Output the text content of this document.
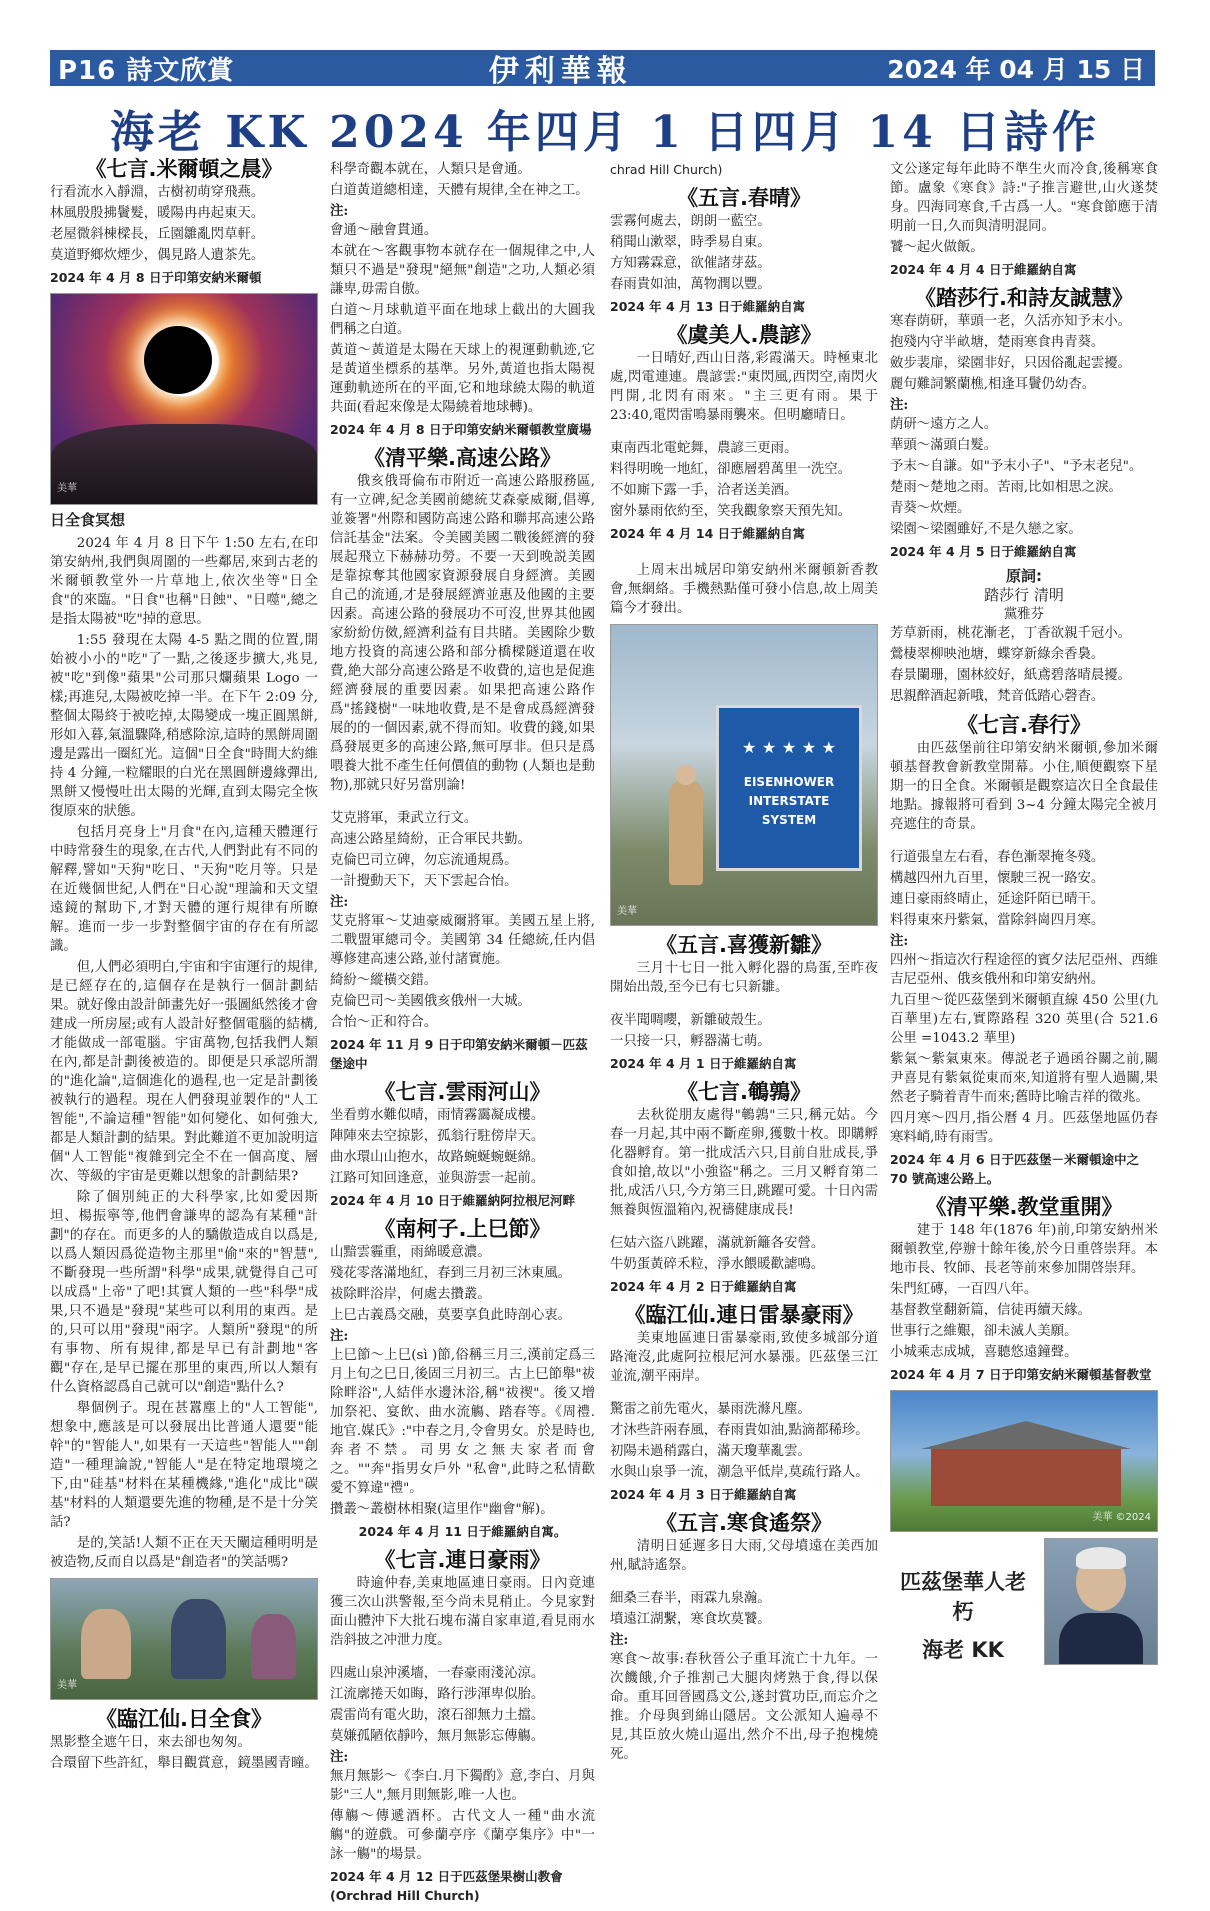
P16 詩文欣賞	伊利華報	2024 年 04 月 15 日
海老 KK 2024 年四月 1 日四月 14 日詩作
《七言.米爾頓之晨》

行看流水入靜淵，古樹初萌穿飛燕。

林風殷殷拂鬢髮，暖陽冉冉起東天。

老屋微斜棟樑長，丘園雛亂閃草軒。

莫道野鄉炊煙少，偶見路人遺茶先。

2024 年 4 月 8 日于印第安納米爾頓
美華
日全食冥想

2024 年 4 月 8 日下午 1:50 左右,在印第安納州,我們與周圍的一些鄰居,來到古老的米爾頓教堂外一片草地上,依次坐等"日全食"的來臨。"日食"也稱"日蝕"、"日噬",總之是指太陽被"吃"掉的意思。

1:55 發現在太陽 4-5 點之間的位置,開始被小小的"吃"了一點,之後逐步擴大,兆見,被"吃"到像"蘋果"公司那只爛蘋果 Logo 一樣;再進兒,太陽被吃掉一半。在下午 2:09 分,整個太陽終于被吃掉,太陽變成一塊正圓黑餅,形如入暮,氣溫驟降,稍感除涼,這時的黑餅周圍邊是露出一圈紅光。這個"日全食"時間大約維持 4 分鐘,一粒耀眼的白光在黑圓餅邊緣彈出,黑餅又慢慢吐出太陽的光輝,直到太陽完全恢復原來的狀態。

包括月亮身上"月食"在內,這種天體運行中時常發生的現象,在古代,人們對此有不同的解釋,譬如"天狗"吃日、"天狗"吃月等。只是在近幾個世紀,人們在"日心說"理論和天文望遠鏡的幫助下,才對天體的運行規律有所瞭解。進而一步一步對整個宇宙的存在有所認識。

但,人們必須明白,宇宙和宇宙運行的規律,是已經存在的,這個存在是執行一個計劃結果。就好像由設計師畫先好一張圖紙然後才會建成一所房屋;或有人設計好整個電腦的結構,才能做成一部電腦。宇宙萬物,包括我們人類在內,都是計劃後被造的。即便是只承認所謂的"進化論",這個進化的過程,也一定是計劃後被執行的過程。現在人們發現並製作的"人工智能",不論這種"智能"如何變化、如何強大,都是人類計劃的結果。對此難道不更加說明這個"人工智能"複雜到完全不在一個高度、層次、等級的宇宙是更難以想象的計劃結果?

除了個別純正的大科學家,比如愛因斯坦、楊振寧等,他們會謙卑的認為有某種"計劃"的存在。而更多的人的驕傲造成自以爲是,以爲人類因爲從造物主那里"偷"來的"智慧",不斷發現一些所謂"科學"成果,就覺得自己可以成爲"上帝"了吧!其實人類的一些"科學"成果,只不過是"發現"某些可以利用的東西。是的,只可以用"發現"兩字。人類所"發現"的所有事物、所有規律,都是早已有計劃地"客觀"存在,是早已擺在那里的東西,所以人類有什么資格認爲自己就可以"創造"點什么?

舉個例子。現在甚囂塵上的"人工智能",想象中,應該是可以發展出比普通人還要"能幹"的"智能人",如果有一天這些"智能人""創造"一種理論說,"智能人"是在特定地環境之下,由"硅基"材料在某種機緣,"進化"成比"碳基"材料的人類還要先進的物種,是不是十分笑話?

是的,笑話!人類不正在天天闡這種明明是被造物,反而自以爲是"創造者"的笑話嗎?

美華
《臨江仙.日全食》

黑影整全遮午日，來去卻也匆匆。

合環留下些許紅，舉目觀賞意，鏡墨國青曈。

科學奇觀本就在，人類只是會通。

白道黃道總相達，天體有規律,全在神之工。

注:

會通～融會貫通。

本就在～客觀事物本就存在一個規律之中,人類只不過是"發現"絕無"創造"之功,人類必須謙卑,毋需自傲。

白道～月球軌道平面在地球上截出的大圓我們稱之白道。

黃道～黃道是太陽在天球上的視運動軌迹,它是黃道坐標系的基準。另外,黃道也指太陽視運動軌迹所在的平面,它和地球繞太陽的軌道共面(看起來像是太陽繞着地球轉)。

2024 年 4 月 8 日于印第安納米爾頓教堂廣場
《清平樂.高速公路》

俄亥俄哥倫布市附近一高速公路服務區,有一立碑,紀念美國前總統艾森豪威爾,倡導,並簽署"州際和國防高速公路和聯邦高速公路信託基金"法案。令美國美國二戰後經濟的發展起飛立下赫赫功勞。不要一天到晚説美國是靠掠奪其他國家資源發展自身經濟。美國自己的流通,才是發展經濟並惠及他國的主要因素。高速公路的發展功不可沒,世界其他國家紛紛仿傚,經濟利益有目共睹。美國除少數地方投資的高速公路和部分橋樑隧道還在收費,絶大部分高速公路是不收費的,這也是促進經濟發展的重要因素。如果把高速公路作爲"搖錢樹"一味地收費,是不是會成爲經濟發展的的一個因素,就不得而知。收費的錢,如果爲發展更多的高速公路,無可厚非。但只是爲喂養大批不產生任何價值的動物 (人類也是動物),那就只好另當別論!

艾克將軍，秉武立行文。

高速公路星綺紛，正合軍民共勤。

克倫巴司立碑，勿忘流通規爲。

一計攪動天下，天下雲起合怡。

注:

艾克將軍～艾迪豪威爾將軍。美國五星上將,二戰盟軍總司令。美國第 34 任總統,任内倡導修建高速公路,並付諸實施。

綺紛～縱橫交錯。

克倫巴司～美國俄亥俄州一大城。

合怡～正和符合。

2024 年 11 月 9 日于印第安納米爾頓－匹茲堡途中
《七言.雲雨河山》

坐看剪水難似晴，雨情霧靄凝成樓。

陣陣來去空掠影，孤翁行駐傍岸天。

曲水環山山抱水，故路蜿蜒蜿蜒綿。

江路可知回逢意，並與游雲一起前。

2024 年 4 月 10 日于維羅納阿拉根尼河畔
《南柯子.上巳節》

山黯雲霾重，雨綿暖意濃。

殘花零落滿地紅，春到三月初三沐東風。

祓除畔浴岸，何處去攢叢。

上巳古義爲交融，莫要享負此時剖心衷。

注:

上巳節～上巳(sì )節,俗稱三月三,漢前定爲三月上旬之巳日,後固三月初三。古上巳節舉"祓除畔浴",人結伴水邊沐浴,稱"祓禊"。後又增加祭祀、宴飲、曲水流觴、踏春等。《周禮.地官.媒氏》:"中春之月,令會男女。於是時也,奔者不禁。司男女之無夫家者而會之。""奔"指男女戶外 "私會",此時之私情歡愛不算違"禮"。

攢叢～叢樹林相聚(這里作"幽會"解)。

2024 年 4 月 11 日于維羅納自寓。
《七言.連日豪雨》

時逾仲春,美東地區連日豪雨。日內竟連獲三次山洪警報,至今尚未見稍止。今見家對面山體沖下大批石塊布滿自家車道,看見雨水浩斜披之冲泄力度。

四處山泉沖溪墻，一春豪雨淺沁涼。

江流廓捲天如晦，路行涉渾卑似胎。

震雷尚有電火助，滾石卻無力土擋。

莫嫌孤陋依靜吟，無月無影忘傳觴。

注:

無月無影～《李白.月下獨酌》意,李白、月與影"三人",無月則無影,唯一人也。

傳觴～傳遞酒杯。古代文人一種"曲水流觴"的遊戲。可參蘭亭序《蘭亭集序》中"一詠一觴"的場景。

2024 年 4 月 12 日于匹茲堡果樹山教會(Orchrad Hill Church)

chrad Hill Church)

《五言.春晴》

雲霧何處去，朗朗一藍空。

稍聞山漱翠，時季易自東。

方知霧霖意，欲催諸芽茲。

春雨貴如油，萬物潤以豐。

2024 年 4 月 13 日于維羅納自寓
《虞美人.農諺》

一日晴好,西山日落,彩霞滿天。時極東北處,閃電連連。農諺雲:"東閃風,西閃空,南閃火門開,北閃有雨來。"主三更有雨。果于 23:40,電閃雷鳴暴雨襲來。但明廳晴日。

東南西北電蛇舞，農諺三更雨。

料得明晚一地紅，卻應層碧萬里一洗空。

不如廝下露一手，洽者送美酒。

窗外暴雨依約至，笑我觀象察天預先知。

2024 年 4 月 14 日于維羅納自寓

上周末出城居印第安納州米爾頓新香教會,無網絡。手機熱點僅可發小信息,故上周美篇今才發出。

★ ★ ★ ★ ★
EISENHOWER
INTERSTATE
SYSTEM
美華
《五言.喜獲新雛》

三月十七日一批入孵化器的鳥蛋,至昨夜開始出殼,至今已有七只新雛。

夜半聞啁嚶，新雛破殼生。

一只接一只，孵器滿七萌。

2024 年 4 月 1 日于維羅納自寓
《七言.鵪鶉》

去秋從朋友處得"鵪鶉"三只,稱元姑。今春一月起,其中兩不斷産卵,獲數十枚。即購孵化器孵育。第一批成活六只,目前自壯成長,爭食如搶,故以"小強盜"稱之。三月又孵育第二批,成活八只,今方第三日,跳躍可愛。十日內需無養與恆溫箱內,祝禱健康成長!

仨姑六盜八跳躍，滿就新籬各安營。

牛奶蛋黃碎禾粒，淨水餵暖歡謔鳴。

2024 年 4 月 2 日于維羅納自寓
《臨江仙.連日雷暴豪雨》

美東地區連日雷暴豪雨,致使多城部分道路淹沒,此處阿拉根尼河水暴漲。匹茲堡三江並流,潮平兩岸。

驚雷之前先電火，暴雨洗滌凡塵。

才沐些許兩春風，春雨貴如油,點滴都稀珍。

初陽未過稍露白，滿天瓊華亂雲。

水與山泉爭一流，潮急平低岸,莫疏行路人。

2024 年 4 月 3 日于維羅納自寓
《五言.寒食遙祭》

清明日延遲多日大雨,父母墳遠在美西加州,賦詩遙祭。

細桑三春半，雨霖九泉瀚。

墳遠江湖繫，寒食坎莫饕。

注:

寒食～故事:春秋晉公子重耳流亡十九年。一次饑餓,介子推割己大腿肉烤熟于食,得以保命。重耳回晉國爲文公,遂封賞功臣,而忘介之推。介母與到綿山隱居。文公派知人遍尋不見,其臣放火燒山逼出,然介不出,母子抱槐燒死。

文公遂定每年此時不準生火而冷食,後稱寒食節。盧象《寒食》詩:"子推言避世,山火遂焚身。四海同寒食,千古爲一人。"寒食節應于清明前一日,久而與清明混同。

饕～起火做飯。

2024 年 4 月 4 日于維羅納自寓
《踏莎行.和詩友誠慧》

寒春荫研，華頭一老，久活亦知予末小。

抱殘内守半畝塘，楚雨寒食冉青葵。

斂步裴扉，梁園非好，只因俗亂起雲擾。

麗句難詞繁蘭樵,相逢耳鬢仍幼杏。

注:

荫研～遠方之人。

華頭～滿頭白髮。

予末～自謙。如"予末小子"、"予末老兒"。

楚雨～楚地之雨。苦雨,比如相思之淚。

青葵～炊煙。

梁園～梁園雖好,不是久戀之家。

2024 年 4 月 5 日于維羅納自寓
原詞:
踏莎行 清明
黨雅芬

芳草新雨，桃花漸老，丁香欲親千冠小。

鶯棲翠柳映池塘，蝶穿新綠余香裊。

春景闌珊，園林絞好，紙鳶碧落晴晨擾。

思親醉酒起新哦，梵音低踏心磬杳。

《七言.春行》

由匹茲堡前往印第安納米爾頓,參加米爾頓基督教會新教堂開幕。小住,順便觀察下星期一的日全食。米爾頓是觀察這次日全食最佳地點。據報將可看到 3~4 分鐘太陽完全被月亮遮住的奇景。

行道張皇左右看，春色漸翠掩冬殘。

構越四州九百里，懷駛三祝一路安。

連日豪雨終晴止，延途阡陌已晴干。

料得東來丹紫氣，當除斜崗四月寒。

注:

四州～指這次行程途徑的賓夕法尼亞州、西維吉尼亞州、俄亥俄州和印第安納州。

九百里～從匹茲堡到米爾頓直線 450 公里(九百華里)左右,實際路程 320 英里(合 521.6 公里 =1043.2 華里)

紫氣～紫氣東來。傳説老子過函谷關之前,關尹喜見有紫氣從東而來,知道將有聖人過關,果然老子騎着青牛而來;舊時比喻吉祥的徵兆。

四月寒～四月,指公曆 4 月。匹茲堡地區仍春寒料峭,時有雨雪。

2024 年 4 月 6 日于匹茲堡－米爾頓途中之 70 號高速公路上。
《清平樂.教堂重開》

建于 148 年(1876 年)前,印第安納州米爾頓教堂,停辦十餘年後,於今日重啓崇拜。本地市長、牧師、長老等前來參加開啓崇拜。

朱門紅磚，一百四八年。

基督教堂翻新篇，信徒再續天緣。

世事行之維艱，卻未滅人美願。

小城乘志成城，喜聽悠遠鐘聲。

2024 年 4 月 7 日于印第安納米爾頓基督教堂
美華 ©2024
匹茲堡華人老朽
海老 KK
